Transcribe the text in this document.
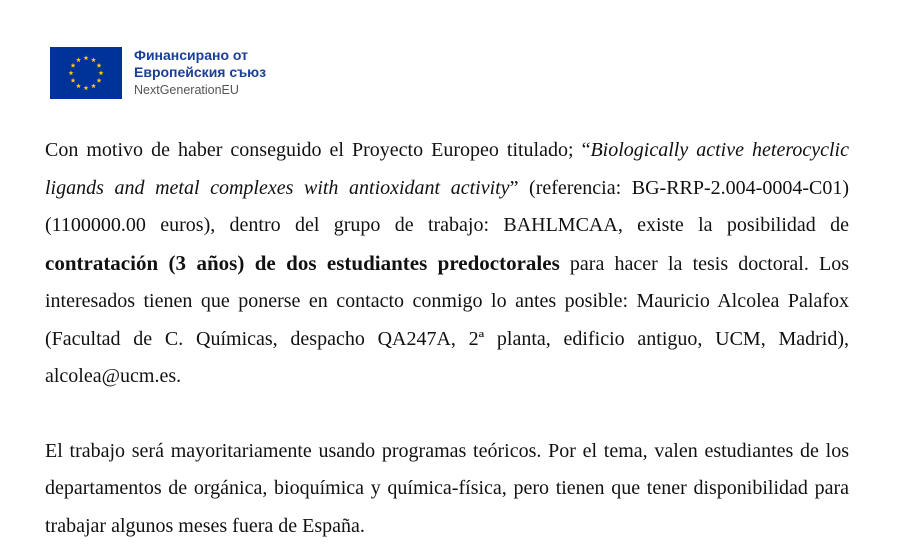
Финансирано от
Европейския съюз
NextGenerationEU

Con motivo de haber conseguido el Proyecto Europeo titulado; “Biologically active heterocyclic ligands and metal complexes with antioxidant activity” (referencia: BG-RRP-2.004-0004-C01) (1100000.00 euros), dentro del grupo de trabajo: BAHLMCAA, existe la posibilidad de contratación (3 años) de dos estudiantes predoctorales para hacer la tesis doctoral. Los interesados tienen que ponerse en contacto conmigo lo antes posible: Mauricio Alcolea Palafox (Facultad de C. Químicas, despacho QA247A, 2ª planta, edificio antiguo, UCM, Madrid), alcolea@ucm.es.

El trabajo será mayoritariamente usando programas teóricos. Por el tema, valen estudiantes de los departamentos de orgánica, bioquímica y química-física, pero tienen que tener disponibilidad para trabajar algunos meses fuera de España.
